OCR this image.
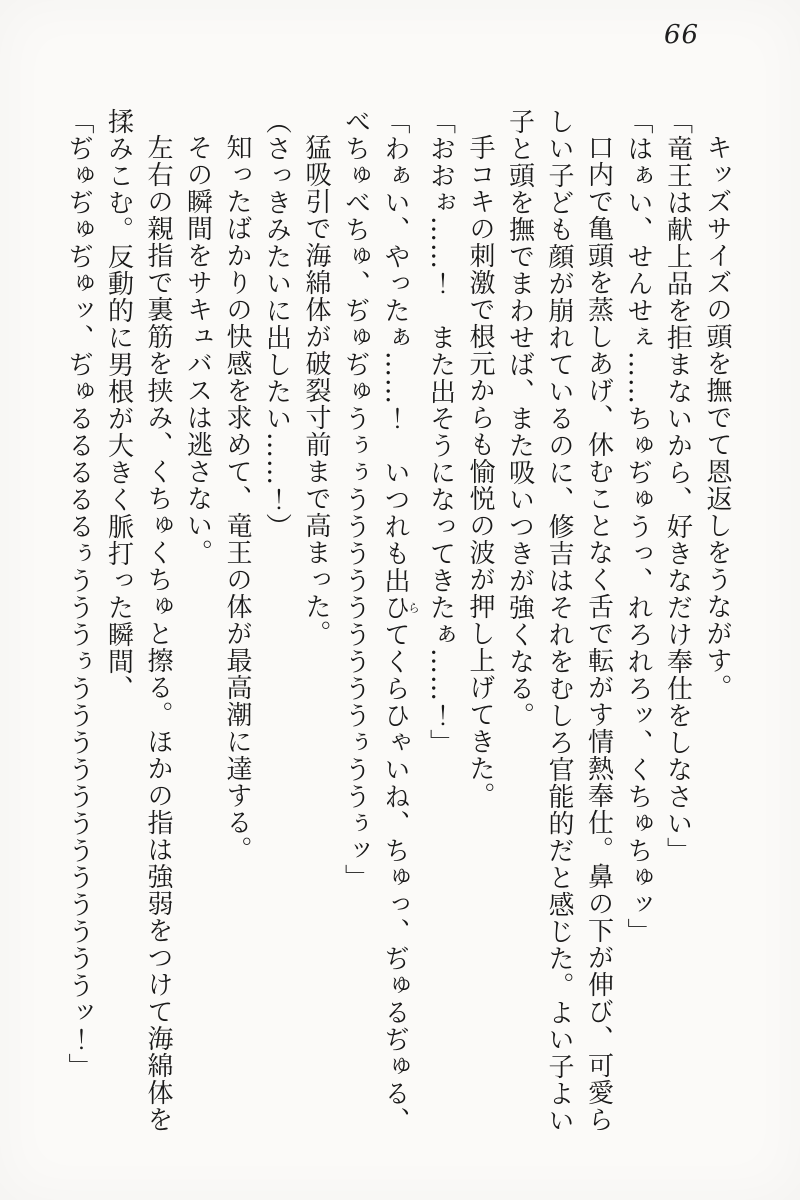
66

キッズサイズの頭を撫でて恩返しをうながす。

「竜王は献上品を拒まないから、好きなだけ奉仕をしなさい」

「はぁい、せんせぇ……ちゅぢゅうっ、れろれろッ、くちゅちゅッ」

口内で亀頭を蒸しあげ、休むことなく舌で転がす情熱奉仕。鼻の下が伸び、可愛らしい子ども顔が崩れているのに、修吉はそれをむしろ官能的だと感じた。よい子よい子と頭を撫でまわせば、また吸いつきが強くなる。

手コキの刺激で根元からも愉悦の波が押し上げてきた。

「おおぉ……！　また出そうになってきたぁ……！」

「わぁい、やったぁ……！　いつれも出ひらてくらひゃいね、ちゅっ、ぢゅるぢゅる、べちゅべちゅ、ぢゅぢゅうぅぅうううううううううぅううぅッ」

猛吸引で海綿体が破裂寸前まで高まった。

（さっきみたいに出したい……！）

知ったばかりの快感を求めて、竜王の体が最高潮に達する。

その瞬間をサキュバスは逃さない。

左右の親指で裏筋を挟み、くちゅくちゅと擦る。ほかの指は強弱をつけて海綿体を揉みこむ。反動的に男根が大きく脈打った瞬間、

「ぢゅぢゅぢゅッ、ぢゅるるるるるぅうううぅううううううううううううッ！」
